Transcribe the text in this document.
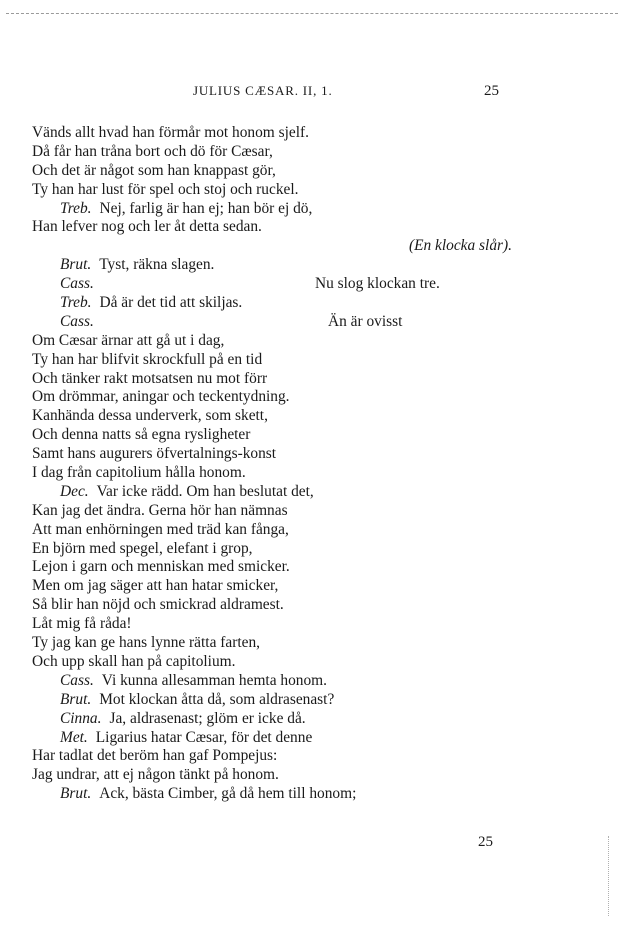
JULIUS CÆSAR. II, 1.	25
Vänds allt hvad han förmår mot honom sjelf.
Då får han tråna bort och dö för Cæsar,
Och det är något som han knappast gör,
Ty han har lust för spel och stoj och ruckel.
Treb. Nej, farlig är han ej; han bör ej dö,
Han lefver nog och ler åt detta sedan.
(En klocka slår).
Brut. Tyst, räkna slagen.
Cass.	Nu slog klockan tre.
Treb. Då är det tid att skiljas.
Cass.	Än är ovisst
Om Cæsar ärnar att gå ut i dag,
Ty han har blifvit skrockfull på en tid
Och tänker rakt motsatsen nu mot förr
Om drömmar, aningar och teckentydning.
Kanhända dessa underverk, som skett,
Och denna natts så egna rysligheter
Samt hans augurers öfvertalnings-konst
I dag från capitolium hålla honom.
Dec. Var icke rädd. Om han beslutat det,
Kan jag det ändra. Gerna hör han nämnas
Att man enhörningen med träd kan fånga,
En björn med spegel, elefant i grop,
Lejon i garn och menniskan med smicker.
Men om jag säger att han hatar smicker,
Så blir han nöjd och smickrad aldramest.
Låt mig få råda!
Ty jag kan ge hans lynne rätta farten,
Och upp skall han på capitolium.
Cass. Vi kunna allesamman hemta honom.
Brut. Mot klockan åtta då, som aldrasenast?
Cinna. Ja, aldrasenast; glöm er icke då.
Met. Ligarius hatar Cæsar, för det denne
Har tadlat det beröm han gaf Pompejus:
Jag undrar, att ej någon tänkt på honom.
Brut. Ack, bästa Cimber, gå då hem till honom;
25
